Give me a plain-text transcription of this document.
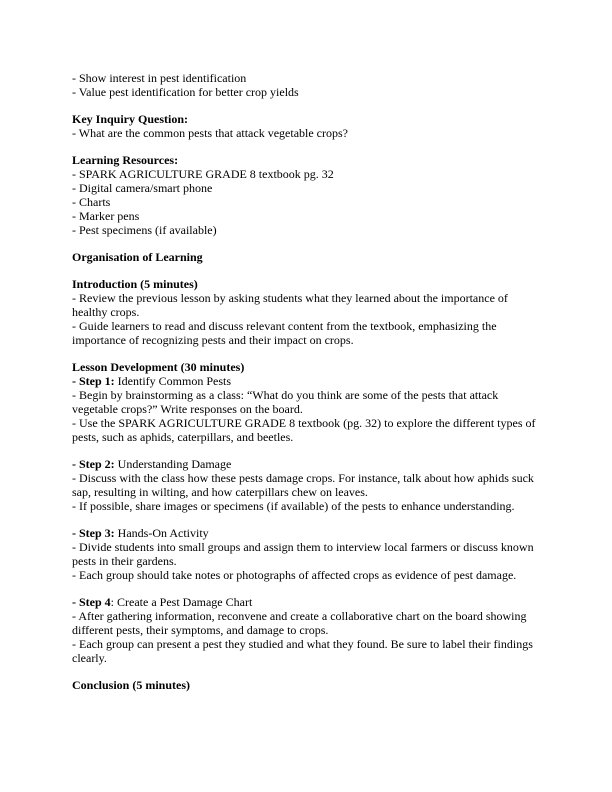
- Show interest in pest identification
- Value pest identification for better crop yields
Key Inquiry Question:
- What are the common pests that attack vegetable crops?
Learning Resources:
- SPARK AGRICULTURE GRADE 8 textbook pg. 32
- Digital camera/smart phone
- Charts
- Marker pens
- Pest specimens (if available)
Organisation of Learning
Introduction (5 minutes)
- Review the previous lesson by asking students what they learned about the importance of
healthy crops.
- Guide learners to read and discuss relevant content from the textbook, emphasizing the
importance of recognizing pests and their impact on crops.
Lesson Development (30 minutes)
- Step 1: Identify Common Pests
- Begin by brainstorming as a class: “What do you think are some of the pests that attack
vegetable crops?” Write responses on the board.
- Use the SPARK AGRICULTURE GRADE 8 textbook (pg. 32) to explore the different types of
pests, such as aphids, caterpillars, and beetles.
- Step 2: Understanding Damage
- Discuss with the class how these pests damage crops. For instance, talk about how aphids suck
sap, resulting in wilting, and how caterpillars chew on leaves.
- If possible, share images or specimens (if available) of the pests to enhance understanding.
- Step 3: Hands-On Activity
- Divide students into small groups and assign them to interview local farmers or discuss known
pests in their gardens.
- Each group should take notes or photographs of affected crops as evidence of pest damage.
- Step 4: Create a Pest Damage Chart
- After gathering information, reconvene and create a collaborative chart on the board showing
different pests, their symptoms, and damage to crops.
- Each group can present a pest they studied and what they found. Be sure to label their findings
clearly.
Conclusion (5 minutes)
